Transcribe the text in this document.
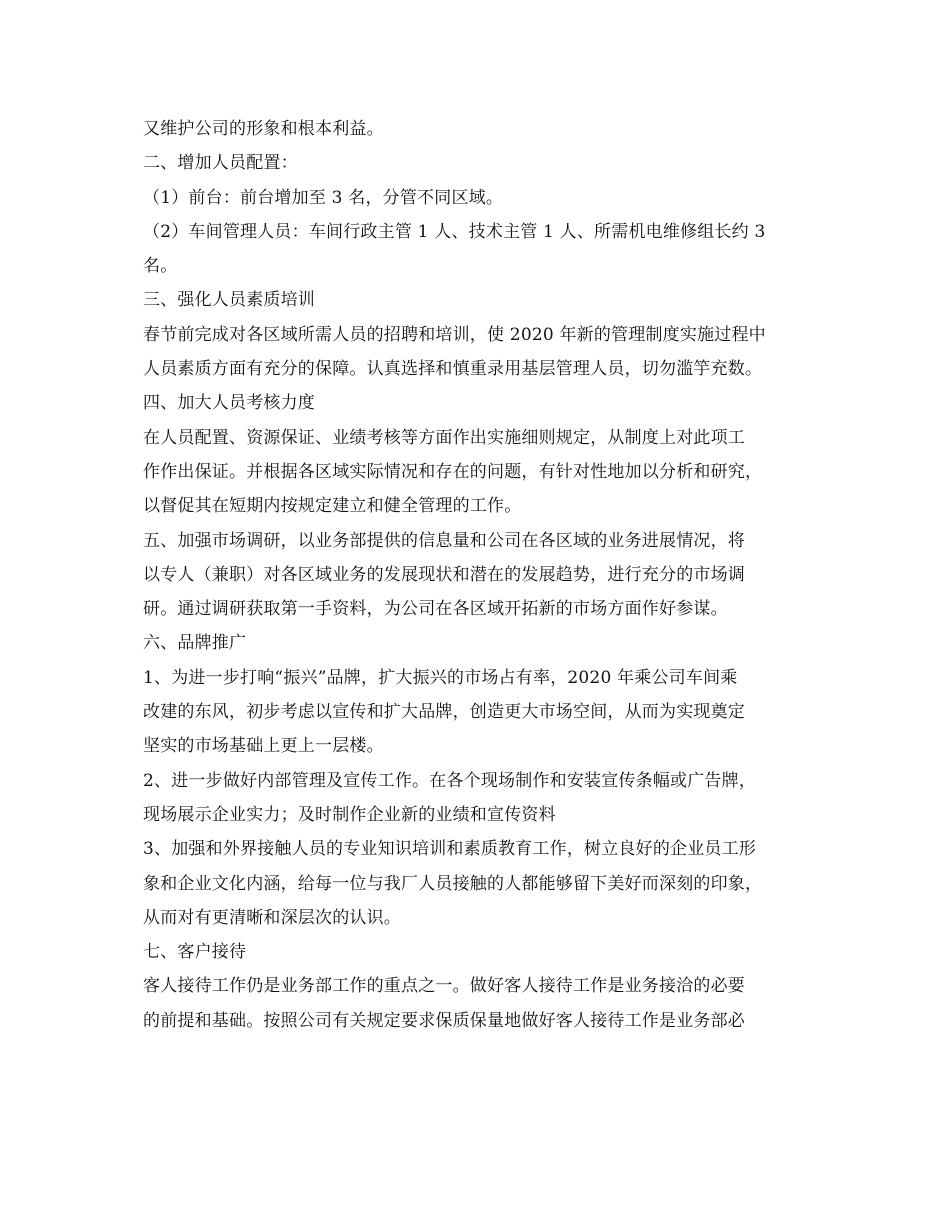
又维护公司的形象和根本利益。
二、增加人员配置：
（1）前台：前台增加至 3 名，分管不同区域。
（2）车间管理人员：车间行政主管 1 人、技术主管 1 人、所需机电维修组长约 3
名。
三、强化人员素质培训
春节前完成对各区域所需人员的招聘和培训，使 2020 年新的管理制度实施过程中
人员素质方面有充分的保障。认真选择和慎重录用基层管理人员，切勿滥竽充数。
四、加大人员考核力度
在人员配置、资源保证、业绩考核等方面作出实施细则规定，从制度上对此项工
作作出保证。并根据各区域实际情况和存在的问题，有针对性地加以分析和研究，
以督促其在短期内按规定建立和健全管理的工作。
五、加强市场调研，以业务部提供的信息量和公司在各区域的业务进展情况，将
以专人（兼职）对各区域业务的发展现状和潜在的发展趋势，进行充分的市场调
研。通过调研获取第一手资料，为公司在各区域开拓新的市场方面作好参谋。
六、品牌推广
1、为进一步打响“振兴”品牌，扩大振兴的市场占有率，2020 年乘公司车间乘
改建的东风，初步考虑以宣传和扩大品牌，创造更大市场空间，从而为实现奠定
坚实的市场基础上更上一层楼。
2、进一步做好内部管理及宣传工作。在各个现场制作和安装宣传条幅或广告牌，
现场展示企业实力；及时制作企业新的业绩和宣传资料
3、加强和外界接触人员的专业知识培训和素质教育工作，树立良好的企业员工形
象和企业文化内涵，给每一位与我厂人员接触的人都能够留下美好而深刻的印象，
从而对有更清晰和深层次的认识。
七、客户接待
客人接待工作仍是业务部工作的重点之一。做好客人接待工作是业务接洽的必要
的前提和基础。按照公司有关规定要求保质保量地做好客人接待工作是业务部必
